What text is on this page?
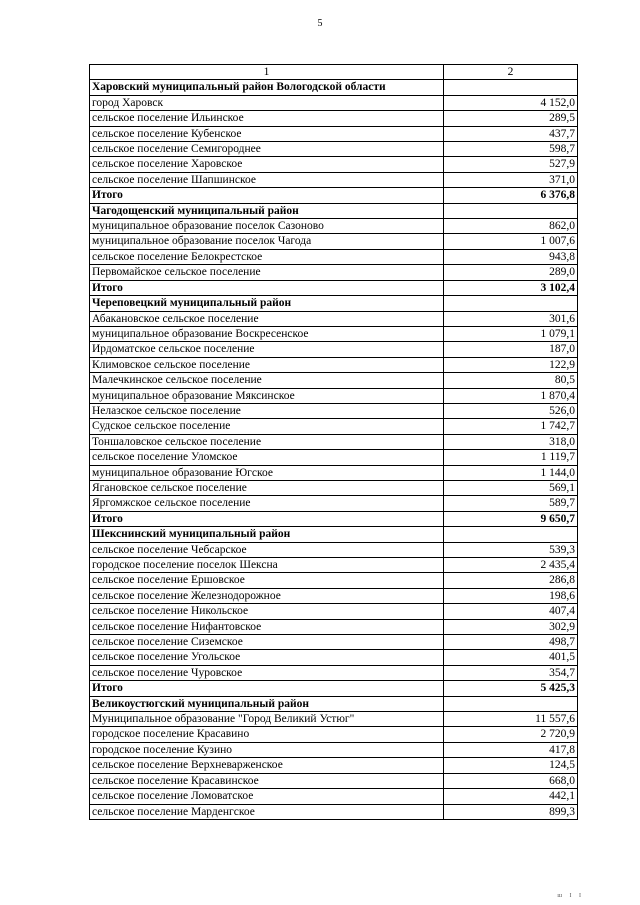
5
1	2
Харовский муниципальный район Вологодской области	
город Харовск	4 152,0
сельское поселение Ильинское	289,5
сельское поселение Кубенское	437,7
сельское поселение Семигороднее	598,7
сельское поселение Харовское	527,9
сельское поселение Шапшинское	371,0
Итого	6 376,8
Чагодощенский муниципальный район	
муниципальное образование поселок Сазоново	862,0
муниципальное образование поселок Чагода	1 007,6
сельское поселение Белокрестское	943,8
Первомайское сельское поселение	289,0
Итого	3 102,4
Череповецкий муниципальный район	
Абакановское сельское поселение	301,6
муниципальное образование Воскресенское	1 079,1
Ирдоматское сельское поселение	187,0
Климовское сельское поселение	122,9
Малечкинское сельское поселение	80,5
муниципальное образование Мяксинское	1 870,4
Нелазское сельское поселение	526,0
Судское сельское поселение	1 742,7
Тоншаловское сельское поселение	318,0
сельское поселение Уломское	1 119,7
муниципальное образование Югское	1 144,0
Ягановское сельское поселение	569,1
Яргомжское сельское поселение	589,7
Итого	9 650,7
Шекснинский муниципальный район	
сельское поселение Чебсарское	539,3
городское поселение поселок Шексна	2 435,4
сельское поселение Ершовское	286,8
сельское поселение Железнодорожное	198,6
сельское поселение Никольское	407,4
сельское поселение Нифантовское	302,9
сельское поселение Сиземское	498,7
сельское поселение Угольское	401,5
сельское поселение Чуровское	354,7
Итого	5 425,3
Великоустюгский муниципальный район	
Муниципальное образование "Город Великий Устюг"	11 557,6
городское поселение Красавино	2 720,9
городское поселение Кузино	417,8
сельское поселение Верхневарженское	124,5
сельское поселение Красавинское	668,0
сельское поселение Ломоватское	442,1
сельское поселение Марденгское	899,3
ш I I
